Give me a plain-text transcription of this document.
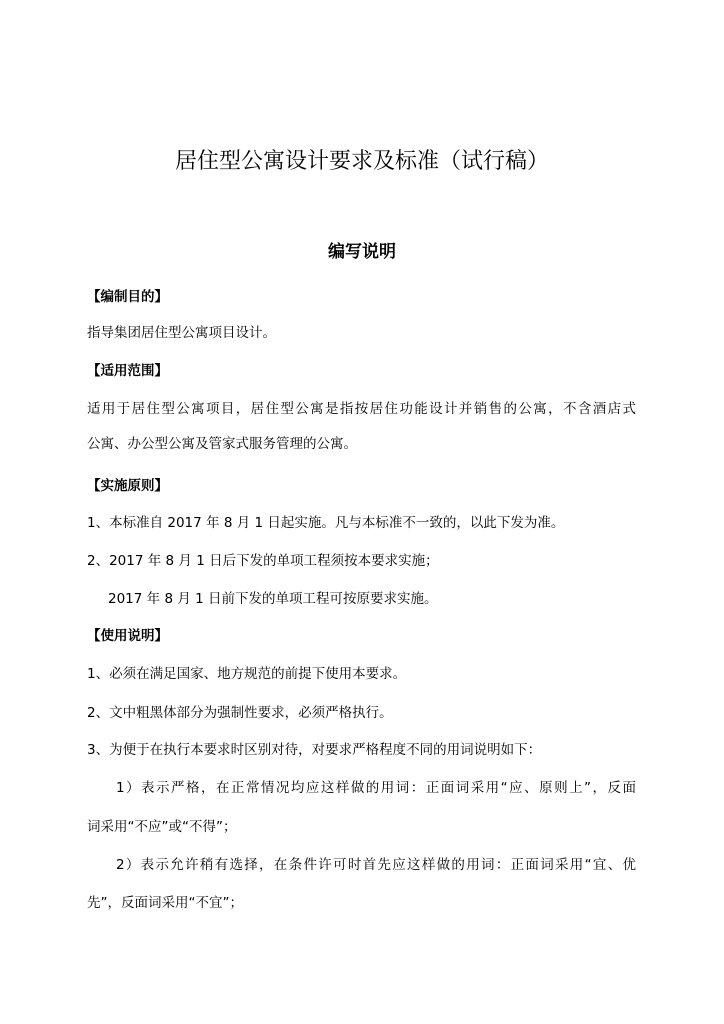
居住型公寓设计要求及标准（试行稿）
编写说明

【编制目的】

指导集团居住型公寓项目设计。

【适用范围】

适用于居住型公寓项目，居住型公寓是指按居住功能设计并销售的公寓，不含酒店式

公寓、办公型公寓及管家式服务管理的公寓。

【实施原则】

1、本标准自 2017 年 8 月 1 日起实施。凡与本标准不一致的，以此下发为准。

2、2017 年 8 月 1 日后下发的单项工程须按本要求实施；

2017 年 8 月 1 日前下发的单项工程可按原要求实施。

【使用说明】

1、必须在满足国家、地方规范的前提下使用本要求。

2、文中粗黑体部分为强制性要求，必须严格执行。

3、为便于在执行本要求时区别对待，对要求严格程度不同的用词说明如下：

1）表示严格，在正常情况均应这样做的用词：正面词采用“应、原则上”，反面

词采用“不应”或“不得”；

2）表示允许稍有选择，在条件许可时首先应这样做的用词：正面词采用“宜、优

先”，反面词采用“不宜”；
